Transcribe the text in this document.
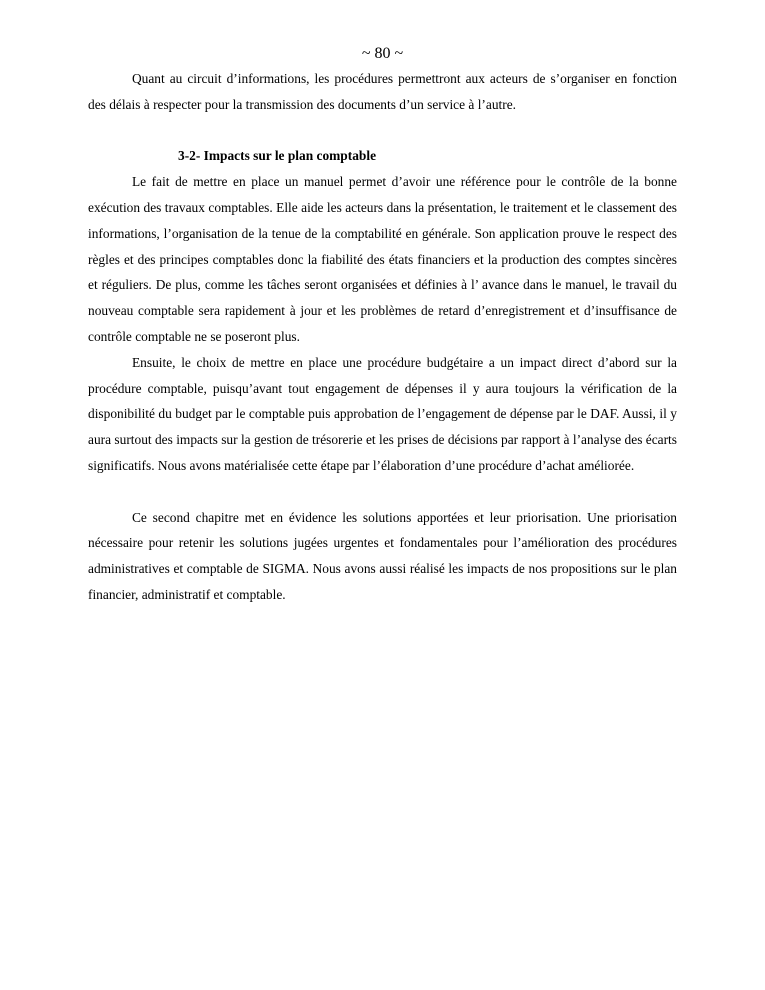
~ 80 ~

Quant au circuit d’informations, les procédures permettront aux acteurs de s’organiser en fonction des délais à respecter pour la transmission des documents d’un service à l’autre.

3-2- Impacts sur le plan comptable

Le fait de mettre en place un manuel permet d’avoir une référence pour le contrôle de la bonne exécution des travaux comptables. Elle aide les acteurs dans la présentation, le traitement et le classement des informations, l’organisation de la tenue de la comptabilité en générale. Son application prouve le respect des règles et des principes comptables donc la fiabilité des états financiers et la production des comptes sincères et réguliers. De plus, comme les tâches seront organisées et définies à l’ avance dans le manuel, le travail du nouveau comptable sera rapidement à jour et les problèmes de retard d’enregistrement et d’insuffisance de contrôle comptable ne se poseront plus.

Ensuite, le choix de mettre en place une procédure budgétaire a un impact direct d’abord sur la procédure comptable, puisqu’avant tout engagement de dépenses il y aura toujours la vérification de la disponibilité du budget par le comptable puis approbation de l’engagement de dépense par le DAF. Aussi, il y aura surtout des impacts sur la gestion de trésorerie et les prises de décisions par rapport à l’analyse des écarts significatifs. Nous avons matérialisée cette étape par l’élaboration d’une procédure d’achat améliorée.

Ce second chapitre met en évidence les solutions apportées et leur priorisation. Une priorisation nécessaire pour retenir les solutions jugées urgentes et fondamentales pour l’amélioration des procédures administratives et comptable de SIGMA. Nous avons aussi réalisé les impacts de nos propositions sur le plan financier, administratif et comptable.
